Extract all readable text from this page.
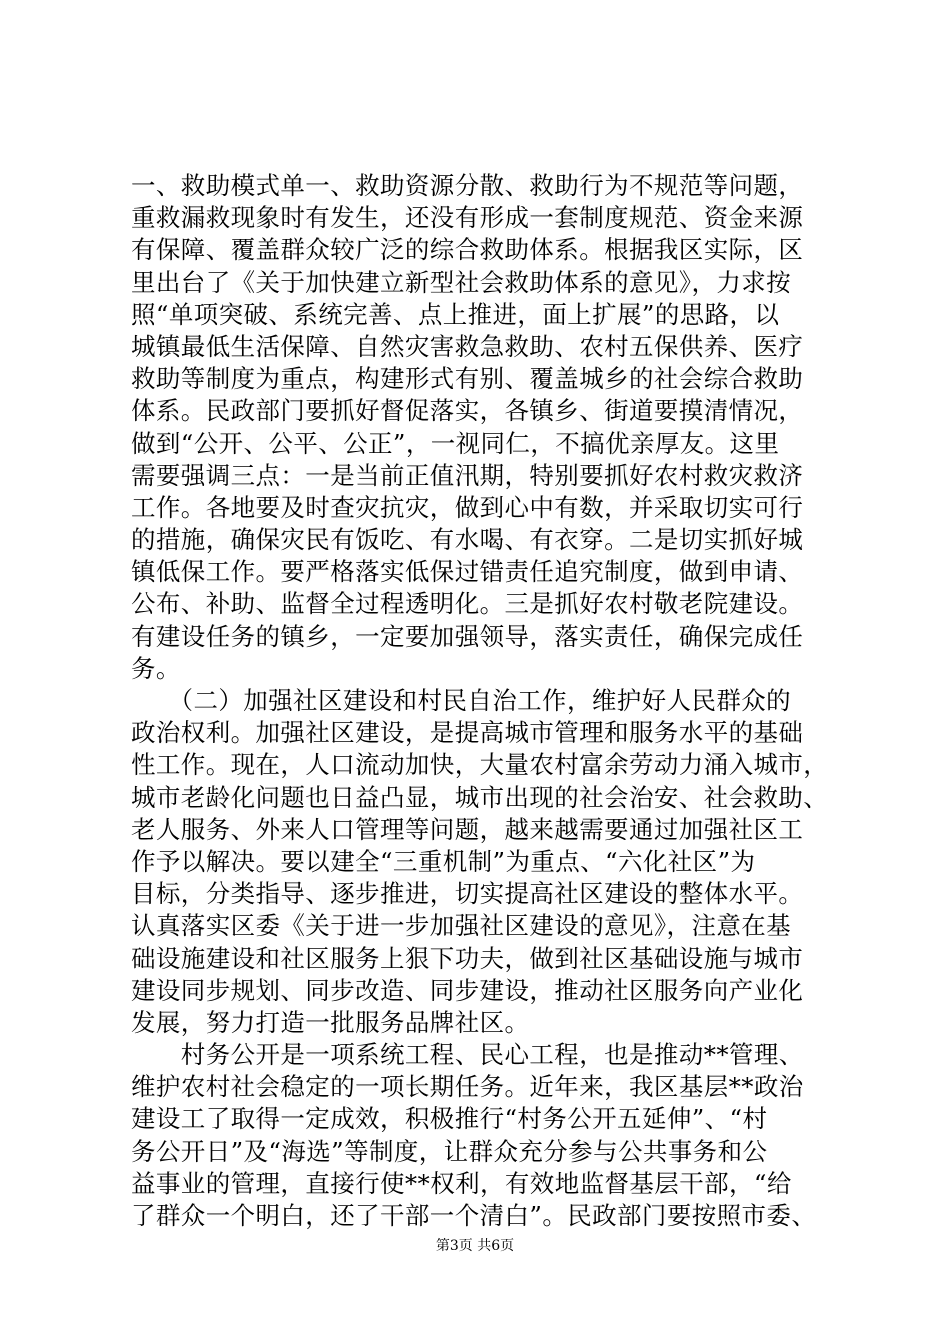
一、救助模式单一、救助资源分散、救助行为不规范等问题，
重救漏救现象时有发生，还没有形成一套制度规范、资金来源
有保障、覆盖群众较广泛的综合救助体系。根据我区实际，区
里出台了《关于加快建立新型社会救助体系的意见》，力求按
照“单项突破、系统完善、点上推进，面上扩展”的思路，以
城镇最低生活保障、自然灾害救急救助、农村五保供养、医疗
救助等制度为重点，构建形式有别、覆盖城乡的社会综合救助
体系。民政部门要抓好督促落实，各镇乡、街道要摸清情况，
做到“公开、公平、公正”，一视同仁，不搞优亲厚友。这里
需要强调三点：一是当前正值汛期，特别要抓好农村救灾救济
工作。各地要及时查灾抗灾，做到心中有数，并采取切实可行
的措施，确保灾民有饭吃、有水喝、有衣穿。二是切实抓好城
镇低保工作。要严格落实低保过错责任追究制度，做到申请、
公布、补助、监督全过程透明化。三是抓好农村敬老院建设。
有建设任务的镇乡，一定要加强领导，落实责任，确保完成任
务。
　　（二）加强社区建设和村民自治工作，维护好人民群众的
政治权利。加强社区建设，是提高城市管理和服务水平的基础
性工作。现在，人口流动加快，大量农村富余劳动力涌入城市，
城市老龄化问题也日益凸显，城市出现的社会治安、社会救助、
老人服务、外来人口管理等问题，越来越需要通过加强社区工
作予以解决。要以建全“三重机制”为重点、“六化社区”为
目标，分类指导、逐步推进，切实提高社区建设的整体水平。
认真落实区委《关于进一步加强社区建设的意见》，注意在基
础设施建设和社区服务上狠下功夫，做到社区基础设施与城市
建设同步规划、同步改造、同步建设，推动社区服务向产业化
发展，努力打造一批服务品牌社区。
　　村务公开是一项系统工程、民心工程，也是推动**管理、
维护农村社会稳定的一项长期任务。近年来，我区基层**政治
建设工了取得一定成效，积极推行“村务公开五延伸”、“村
务公开日”及“海选”等制度，让群众充分参与公共事务和公
益事业的管理，直接行使**权利，有效地监督基层干部，“给
了群众一个明白，还了干部一个清白”。民政部门要按照市委、
第3页 共6页
